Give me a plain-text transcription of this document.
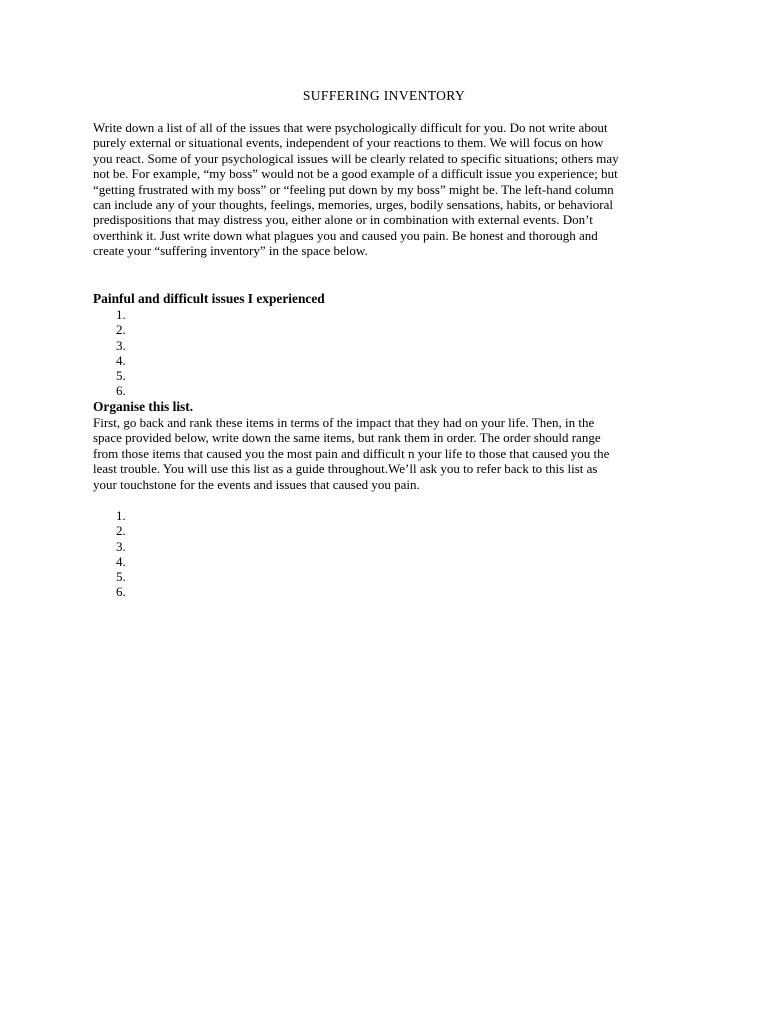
SUFFERING INVENTORY
Write down a list of all of the issues that were psychologically difficult for you. Do not write about
purely external or situational events, independent of your reactions to them. We will focus on how
you react. Some of your psychological issues will be clearly related to specific situations; others may
not be. For example, “my boss” would not be a good example of a difficult issue you experience; but
“getting frustrated with my boss” or “feeling put down by my boss” might be. The left-hand column
can include any of your thoughts, feelings, memories, urges, bodily sensations, habits, or behavioral
predispositions that may distress you, either alone or in combination with external events. Don’t
overthink it. Just write down what plagues you and caused you pain. Be honest and thorough and
create your “suffering inventory” in the space below.
Painful and difficult issues I experienced
1.
2.
3.
4.
5.
6.
Organise this list.
First, go back and rank these items in terms of the impact that they had on your life. Then, in the
space provided below, write down the same items, but rank them in order. The order should range
from those items that caused you the most pain and difficult n your life to those that caused you the
least trouble. You will use this list as a guide throughout.We’ll ask you to refer back to this list as
your touchstone for the events and issues that caused you pain.
1.
2.
3.
4.
5.
6.
